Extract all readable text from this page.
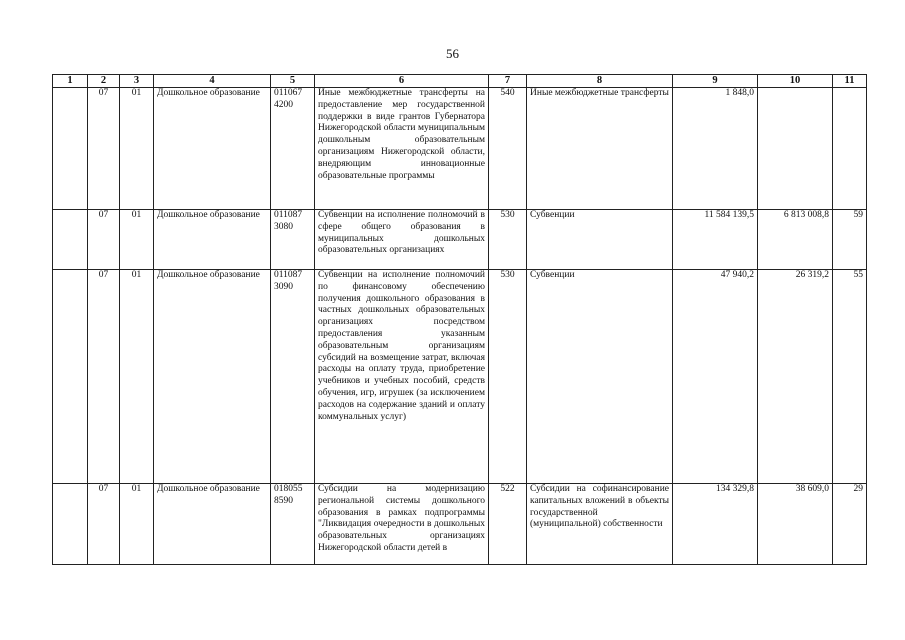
56
1	2	3	4	5	6	7	8	9	10	11
	07	01	Дошкольное образование	011067 4200	Иные межбюджетные трансферты на предоставление мер государственной поддержки в виде грантов Губернатора Нижегородской области муниципальным дошкольным образовательным организациям Нижегородской области, внедряющим инновационные образовательные программы	540	Иные межбюджетные трансферты	1 848,0		
	07	01	Дошкольное образование	011087 3080	Субвенции на исполнение полномочий в сфере общего образования в муниципальных дошкольных образовательных организациях	530	Субвенции	11 584 139,5	6 813 008,8	59
	07	01	Дошкольное образование	011087 3090	Субвенции на исполнение полномочий по финансовому обеспечению получения дошкольного образования в частных дошкольных образовательных организациях посредством предоставления указанным образовательным организациям субсидий на возмещение затрат, включая расходы на оплату труда, приобретение учебников и учебных пособий, средств обучения, игр, игрушек (за исключением расходов на содержание зданий и оплату коммунальных услуг)	530	Субвенции	47 940,2	26 319,2	55
	07	01	Дошкольное образование	018055 8590	Субсидии на модернизацию региональной системы дошкольного образования в рамках подпрограммы "Ликвидация очередности в дошкольных образовательных организациях Нижегородской области детей в	522	Субсидии на софинансирование капитальных вложений в объекты государственной (муниципальной) собственности	134 329,8	38 609,0	29
